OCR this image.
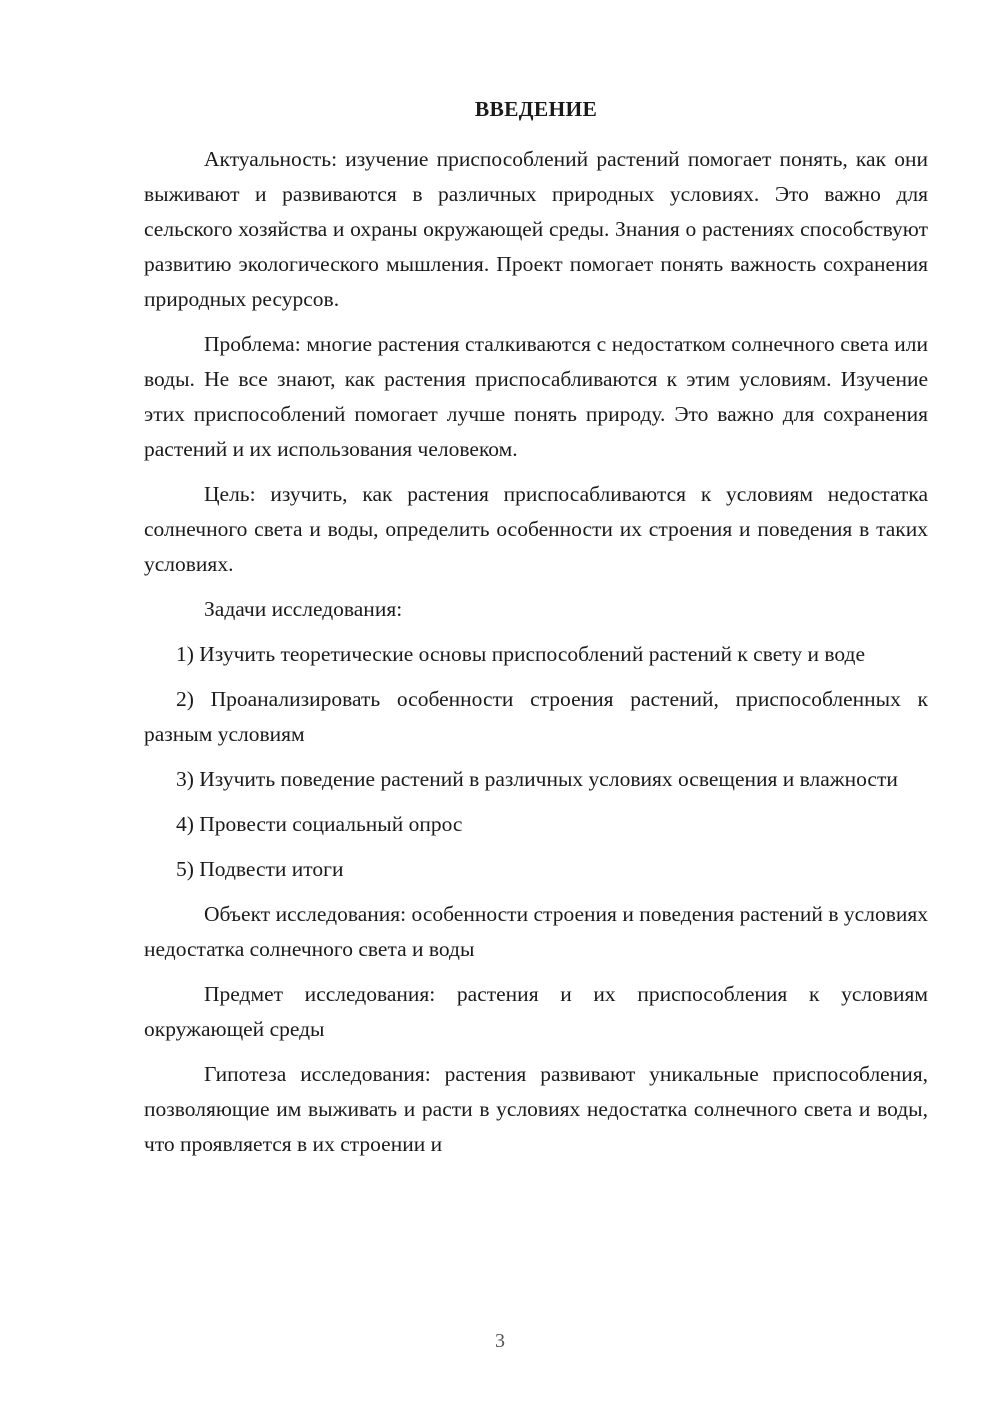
ВВЕДЕНИЕ

Актуальность: изучение приспособлений растений помогает понять, как они выживают и развиваются в различных природных условиях. Это важно для сельского хозяйства и охраны окружающей среды. Знания о растениях способствуют развитию экологического мышления. Проект помогает понять важность сохранения природных ресурсов.

Проблема: многие растения сталкиваются с недостатком солнечного света или воды. Не все знают, как растения приспосабливаются к этим условиям. Изучение этих приспособлений помогает лучше понять природу. Это важно для сохранения растений и их использования человеком.

Цель: изучить, как растения приспосабливаются к условиям недостатка солнечного света и воды, определить особенности их строения и поведения в таких условиях.

Задачи исследования:

1) Изучить теоретические основы приспособлений растений к свету и воде

2) Проанализировать особенности строения растений, приспособленных к разным условиям

3) Изучить поведение растений в различных условиях освещения и влажности

4) Провести социальный опрос

5) Подвести итоги

Объект исследования: особенности строения и поведения растений в условиях недостатка солнечного света и воды

Предмет исследования: растения и их приспособления к условиям окружающей среды

Гипотеза исследования: растения развивают уникальные приспособления, позволяющие им выживать и расти в условиях недостатка солнечного света и воды, что проявляется в их строении и

3
